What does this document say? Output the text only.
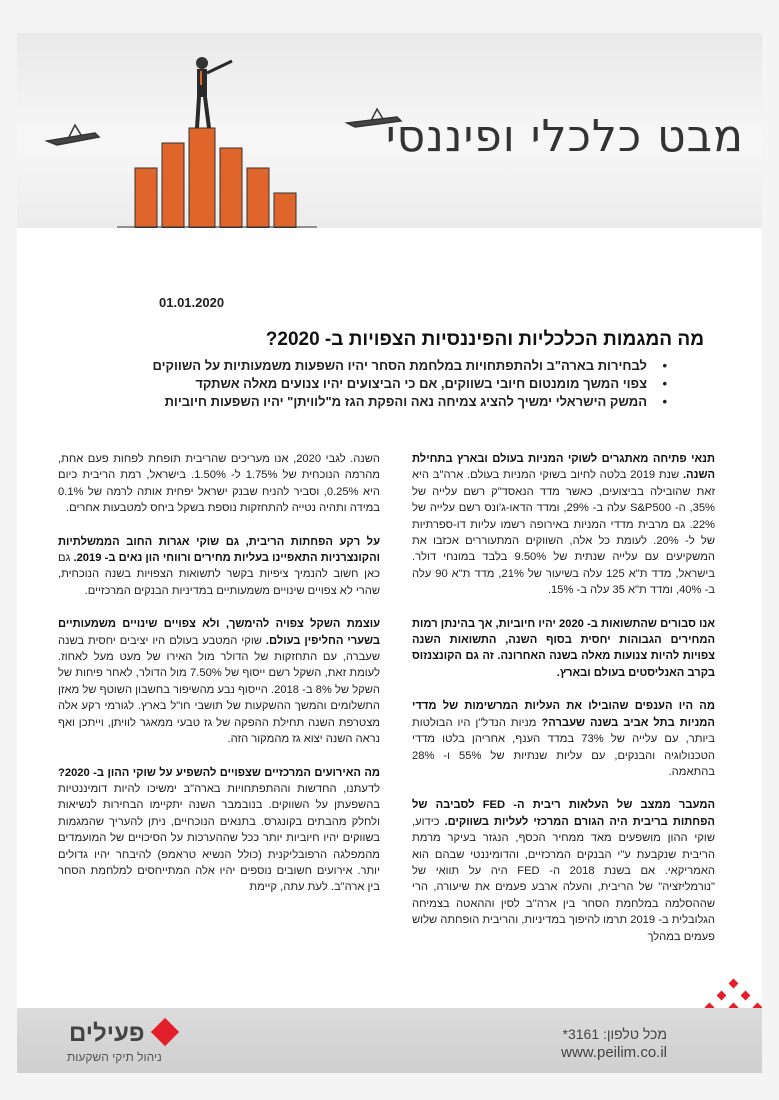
מבט כלכלי ופיננסי
01.01.2020
מה המגמות הכלכליות והפיננסיות הצפויות ב- 2020?
• לבחירות בארה"ב ולהתפתחויות במלחמת הסחר יהיו השפעות משמעותיות על השווקים
• צפוי המשך מומנטום חיובי בשווקים, אם כי הביצועים יהיו צנועים מאלה אשתקד
• המשק הישראלי ימשיך להציג צמיחה נאה והפקת הגז מ"לוויתן" יהיו השפעות חיוביות

תנאי פתיחה מאתגרים לשוקי המניות בעולם ובארץ בתחילת השנה. שנת 2019 בלטה לחיוב בשוקי המניות בעולם. ארה"ב היא זאת שהובילה בביצועים, כאשר מדד הנאסד"ק רשם עלייה של 35%, ה- S&P500 עלה ב- 29%, ומדד הדאו-ג'ונס רשם עלייה של 22%. גם מרבית מדדי המניות באירופה רשמו עליות דו-ספרתיות של ל- 20%. לעומת כל אלה, השווקים המתעוררים אכזבו את המשקיעים עם עלייה שנתית של 9.50% בלבד במונחי דולר. בישראל, מדד ת"א 125 עלה בשיעור של 21%, מדד ת"א 90 עלה ב- 40%, ומדד ת"א 35 עלה ב- 15%.

אנו סבורים שהתשואות ב- 2020 יהיו חיוביות, אך בהינתן רמות המחירים הגבוהות יחסית בסוף השנה, התשואות השנה צפויות להיות צנועות מאלה בשנה האחרונה. זה גם הקונצנזוס בקרב האנליסטים בעולם ובארץ.

מה היו הענפים שהובילו את העליות המרשימות של מדדי המניות בתל אביב בשנה שעברה? מניות הנדל"ן היו הבולטות ביותר, עם עלייה של 73% במדד הענף, אחריהן בלטו מדדי הטכנולוגיה והבנקים, עם עליות שנתיות של 55% ו- 28% בהתאמה.

המעבר ממצב של העלאות ריבית ה- FED לסביבה של הפחתות בריבית היה הגורם המרכזי לעליות בשווקים. כידוע, שוקי ההון מושפעים מאד ממחיר הכסף, הנגזר בעיקר מרמת הריבית שנקבעת ע"י הבנקים המרכזיים, והדומיננטי שבהם הוא האמריקאי. אם בשנת 2018 ה- FED היה על תוואי של "נורמליזציה" של הריבית, והעלה ארבע פעמים את שיעורה, הרי שההסלמה במלחמת הסחר בין ארה"ב לסין וההאטה בצמיחה הגלובלית ב- 2019 תרמו להיפוך במדיניות, והריבית הופחתה שלוש פעמים במהלך

השנה. לגבי 2020, אנו מעריכים שהריבית תופחת לפחות פעם אחת, מהרמה הנוכחית של 1.75% ל- 1.50%. בישראל, רמת הריבית כיום היא 0.25%, וסביר להניח שבנק ישראל יפחית אותה לרמה של 0.1% במידה ותהיה נטייה להתחזקות נוספת בשקל ביחס למטבעות אחרים.

על רקע הפחתות הריבית, גם שוקי אגרות החוב הממשלתיות והקונצרניות התאפיינו בעליות מחירים ורווחי הון נאים ב- 2019. גם כאן חשוב להנמיך ציפיות בקשר לתשואות הצפויות בשנה הנוכחית, שהרי לא צפויים שינויים משמעותיים במדיניות הבנקים המרכזיים.

עוצמת השקל צפויה להימשך, ולא צפויים שינויים משמעותיים בשערי החליפין בעולם. שוקי המטבע בעולם היו יציבים יחסית בשנה שעברה, עם התחזקות של הדולר מול האירו של מעט מעל לאחוז. לעומת זאת, השקל רשם ייסוף של 7.50% מול הדולר, לאחר פיחות של השקל של 8% ב- 2018. הייסוף נבע מהשיפור בחשבון השוטף של מאזן התשלומים והמשך ההשקעות של תושבי חו"ל בארץ. לגורמי רקע אלה מצטרפת השנה תחילת ההפקה של גז טבעי ממאגר לוויתן, וייתכן ואף נראה השנה יצוא גז מהמקור הזה.

מה האירועים המרכזיים שצפויים להשפיע על שוקי ההון ב- 2020? לדעתנו, החדשות וההתפתחויות בארה"ב ימשיכו להיות דומיננטיות בהשפעתן על השווקים. בנובמבר השנה יתקיימו הבחירות לנשיאות ולחלק מהבתים בקונגרס. בתנאים הנוכחיים, ניתן להעריך שהמגמות בשווקים יהיו חיוביות יותר ככל שההערכות על הסיכויים של המועמדים מהמפלגה הרפובליקנית (כולל הנשיא טראמפ) להיבחר יהיו גדולים יותר. אירועים חשובים נוספים יהיו אלה המתייחסים למלחמת הסחר בין ארה"ב. לעת עתה, קיימת

פעילים
ניהול תיקי השקעות
מכל טלפון: 3161*
www.peilim.co.il
